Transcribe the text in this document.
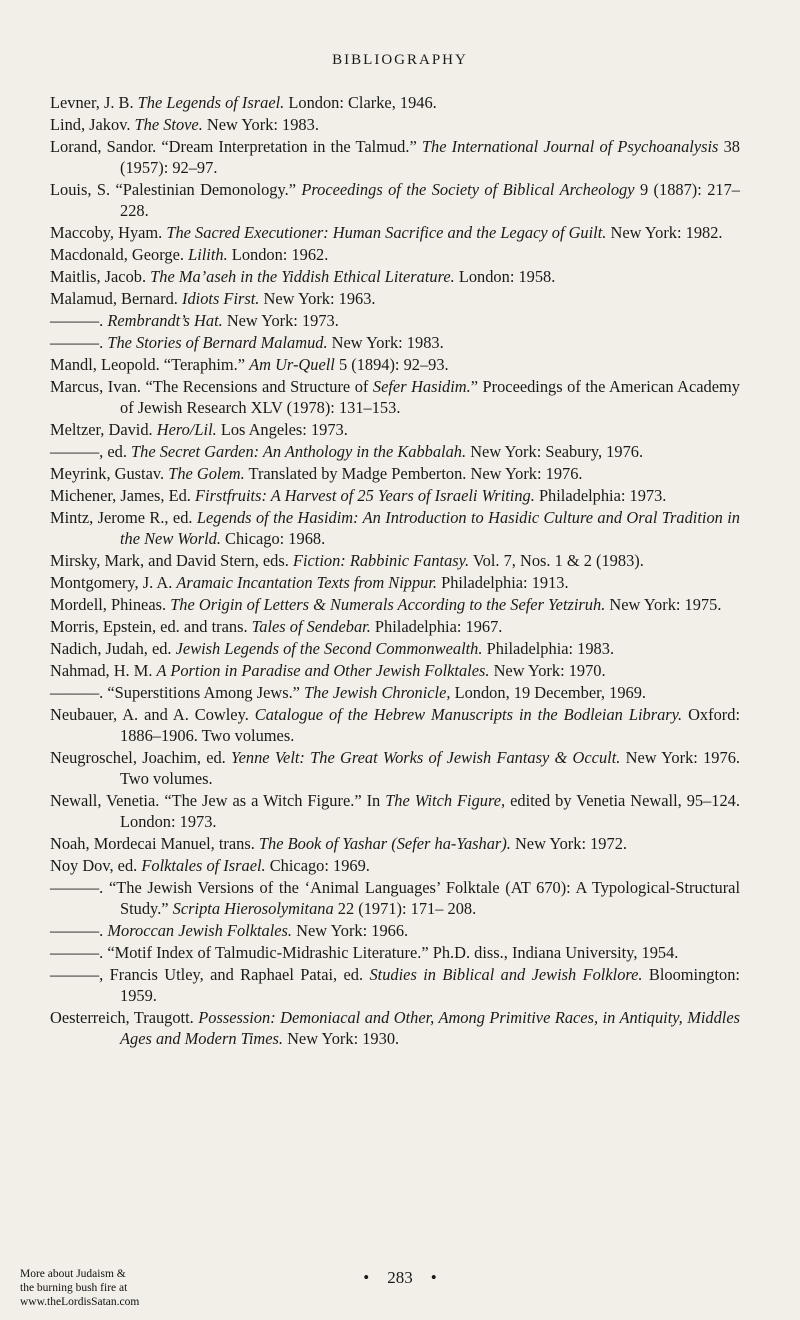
BIBLIOGRAPHY
Levner, J. B. The Legends of Israel. London: Clarke, 1946.
Lind, Jakov. The Stove. New York: 1983.
Lorand, Sandor. “Dream Interpretation in the Talmud.” The International Journal of Psychoanalysis 38 (1957): 92–97.
Louis, S. “Palestinian Demonology.” Proceedings of the Society of Biblical Archeology 9 (1887): 217–228.
Maccoby, Hyam. The Sacred Executioner: Human Sacrifice and the Legacy of Guilt. New York: 1982.
Macdonald, George. Lilith. London: 1962.
Maitlis, Jacob. The Ma’aseh in the Yiddish Ethical Literature. London: 1958.
Malamud, Bernard. Idiots First. New York: 1963.
———. Rembrandt’s Hat. New York: 1973.
———. The Stories of Bernard Malamud. New York: 1983.
Mandl, Leopold. “Teraphim.” Am Ur-Quell 5 (1894): 92–93.
Marcus, Ivan. “The Recensions and Structure of Sefer Hasidim.” Proceedings of the American Academy of Jewish Research XLV (1978): 131–153.
Meltzer, David. Hero/Lil. Los Angeles: 1973.
———, ed. The Secret Garden: An Anthology in the Kabbalah. New York: Seabury, 1976.
Meyrink, Gustav. The Golem. Translated by Madge Pemberton. New York: 1976.
Michener, James, Ed. Firstfruits: A Harvest of 25 Years of Israeli Writing. Philadelphia: 1973.
Mintz, Jerome R., ed. Legends of the Hasidim: An Introduction to Hasidic Culture and Oral Tradition in the New World. Chicago: 1968.
Mirsky, Mark, and David Stern, eds. Fiction: Rabbinic Fantasy. Vol. 7, Nos. 1 & 2 (1983).
Montgomery, J. A. Aramaic Incantation Texts from Nippur. Philadelphia: 1913.
Mordell, Phineas. The Origin of Letters & Numerals According to the Sefer Yetziruh. New York: 1975.
Morris, Epstein, ed. and trans. Tales of Sendebar. Philadelphia: 1967.
Nadich, Judah, ed. Jewish Legends of the Second Commonwealth. Philadelphia: 1983.
Nahmad, H. M. A Portion in Paradise and Other Jewish Folktales. New York: 1970.
———. “Superstitions Among Jews.” The Jewish Chronicle, London, 19 December, 1969.
Neubauer, A. and A. Cowley. Catalogue of the Hebrew Manuscripts in the Bodleian Library. Oxford: 1886–1906. Two volumes.
Neugroschel, Joachim, ed. Yenne Velt: The Great Works of Jewish Fantasy & Occult. New York: 1976. Two volumes.
Newall, Venetia. “The Jew as a Witch Figure.” In The Witch Figure, edited by Venetia Newall, 95–124. London: 1973.
Noah, Mordecai Manuel, trans. The Book of Yashar (Sefer ha-Yashar). New York: 1972.
Noy Dov, ed. Folktales of Israel. Chicago: 1969.
———. “The Jewish Versions of the ‘Animal Languages’ Folktale (AT 670): A Typological-Structural Study.” Scripta Hierosolymitana 22 (1971): 171– 208.
———. Moroccan Jewish Folktales. New York: 1966.
———. “Motif Index of Talmudic-Midrashic Literature.” Ph.D. diss., Indiana University, 1954.
———, Francis Utley, and Raphael Patai, ed. Studies in Biblical and Jewish Folklore. Bloomington: 1959.
Oesterreich, Traugott. Possession: Demoniacal and Other, Among Primitive Races, in Antiquity, Middles Ages and Modern Times. New York: 1930.
More about Judaism &
the burning bush fire at
www.theLordisSatan.com
• 283 •
